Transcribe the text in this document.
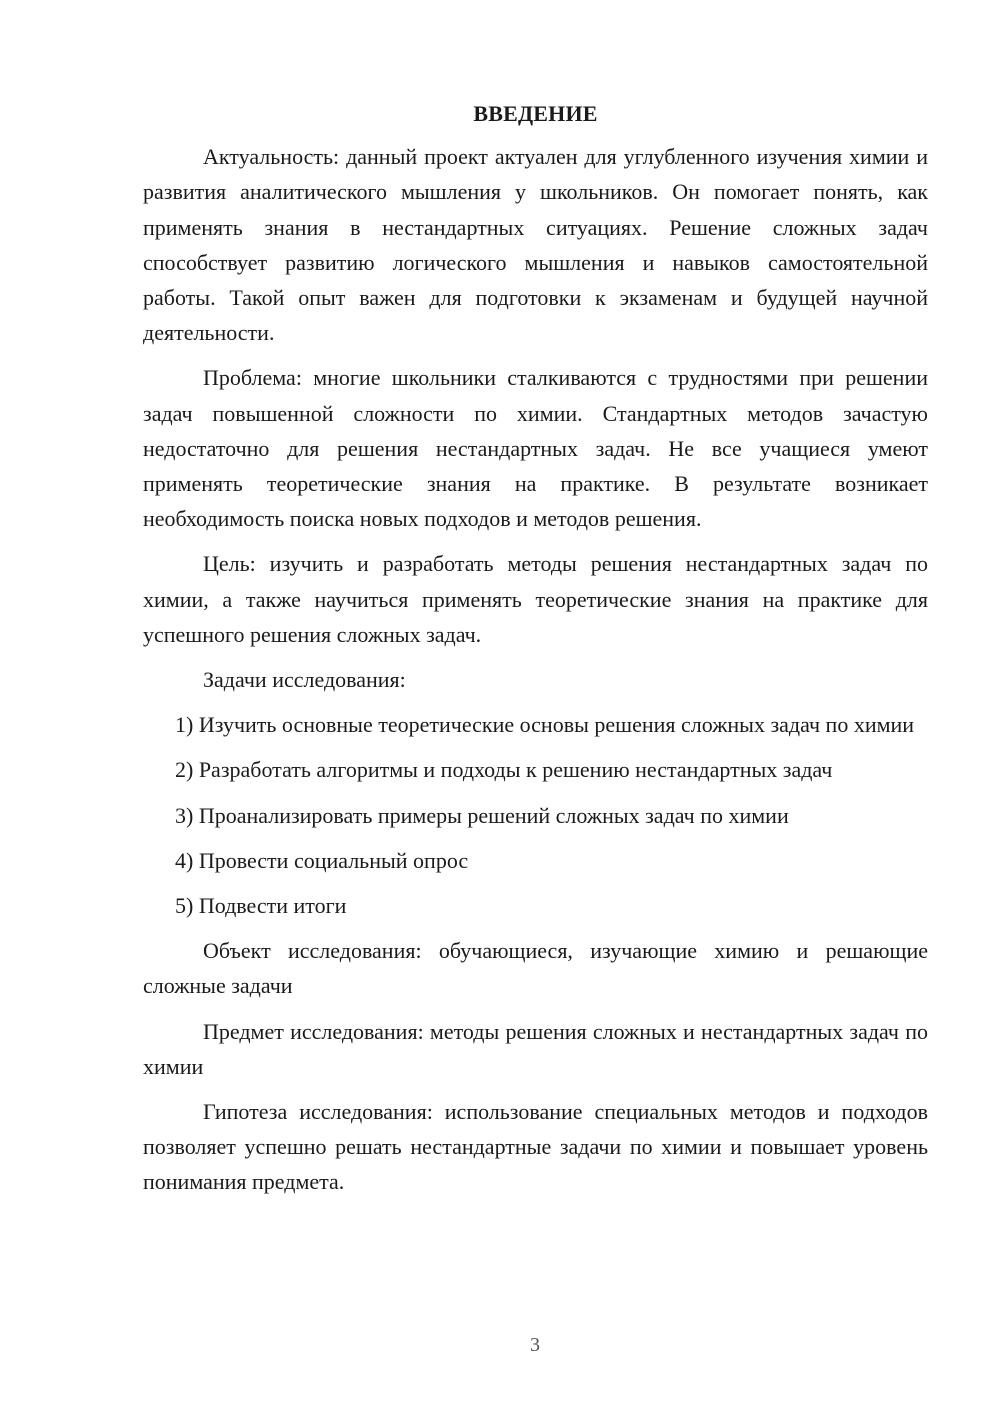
ВВЕДЕНИЕ

Актуальность: данный проект актуален для углубленного изучения химии и развития аналитического мышления у школьников. Он помогает понять, как применять знания в нестандартных ситуациях. Решение сложных задач способствует развитию логического мышления и навыков самостоятельной работы. Такой опыт важен для подготовки к экзаменам и будущей научной деятельности.

Проблема: многие школьники сталкиваются с трудностями при решении задач повышенной сложности по химии. Стандартных методов зачастую недостаточно для решения нестандартных задач. Не все учащиеся умеют применять теоретические знания на практике. В результате возникает необходимость поиска новых подходов и методов решения.

Цель: изучить и разработать методы решения нестандартных задач по химии, а также научиться применять теоретические знания на практике для успешного решения сложных задач.

Задачи исследования:

1) Изучить основные теоретические основы решения сложных задач по химии

2) Разработать алгоритмы и подходы к решению нестандартных задач

3) Проанализировать примеры решений сложных задач по химии

4) Провести социальный опрос

5) Подвести итоги

Объект исследования: обучающиеся, изучающие химию и решающие сложные задачи

Предмет исследования: методы решения сложных и нестандартных задач по химии

Гипотеза исследования: использование специальных методов и подходов позволяет успешно решать нестандартные задачи по химии и повышает уровень понимания предмета.

3
